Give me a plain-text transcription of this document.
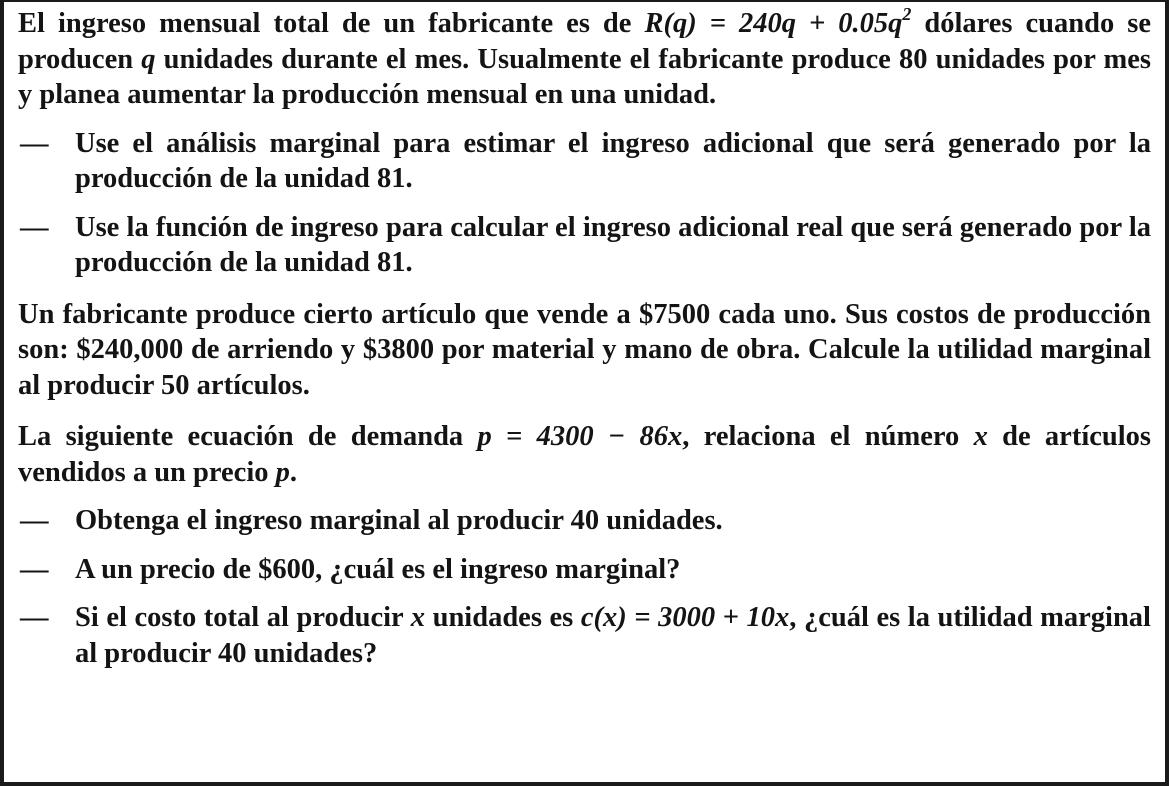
El ingreso mensual total de un fabricante es de $R(q) = 240q + 0.05q^2$ dólares cuando se producen q unidades durante el mes. Usualmente el fabricante produce 80 unidades por mes y planea aumentar la producción mensual en una unidad.

— Use el análisis marginal para estimar el ingreso adicional que será generado por la producción de la unidad 81.
— Use la función de ingreso para calcular el ingreso adicional real que será generado por la producción de la unidad 81.

Un fabricante produce cierto artículo que vende a $7500 cada uno. Sus costos de producción son: $240,000 de arriendo y $3800 por material y mano de obra. Calcule la utilidad marginal al producir 50 artículos.

La siguiente ecuación de demanda p = 4300 − 86x, relaciona el número x de artículos vendidos a un precio p.

— Obtenga el ingreso marginal al producir 40 unidades.
— A un precio de $600, ¿cuál es el ingreso marginal?
— Si el costo total al producir x unidades es c(x) = 3000 + 10x, ¿cuál es la utilidad marginal al producir 40 unidades?
